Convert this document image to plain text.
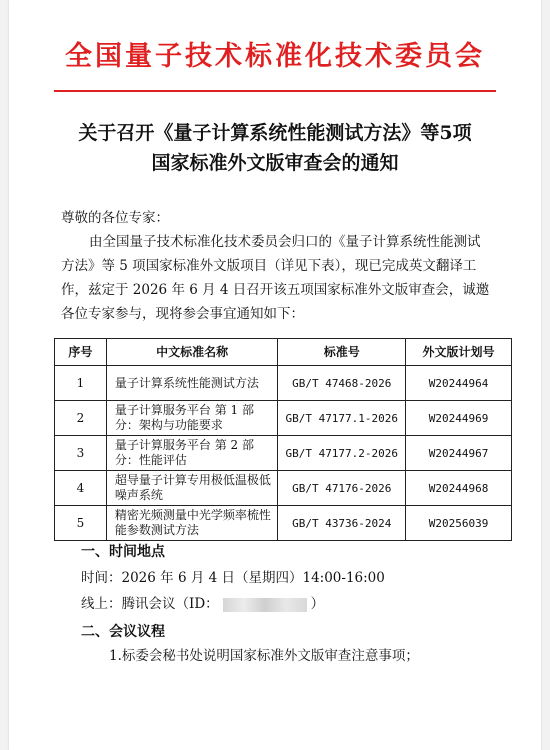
全国量子技术标准化技术委员会
关于召开《量子计算系统性能测试方法》等5项
国家标准外文版审查会的通知

尊敬的各位专家：

由全国量子技术标准化技术委员会归口的《量子计算系统性能测试方法》等 5 项国家标准外文版项目（详见下表），现已完成英文翻译工作，兹定于 2026 年 6 月 4 日召开该五项国家标准外文版审查会，诚邀各位专家参与，现将参会事宜通知如下：

序号	中文标准名称	标准号	外文版计划号
1	量子计算系统性能测试方法	GB/T 47468-2026	W20244964
2	量子计算服务平台 第 1 部分：架构与功能要求	GB/T 47177.1-2026	W20244969
3	量子计算服务平台 第 2 部分：性能评估	GB/T 47177.2-2026	W20244967
4	超导量子计算专用极低温极低噪声系统	GB/T 47176-2026	W20244968
5	精密光频测量中光学频率梳性能参数测试方法	GB/T 43736-2024	W20256039
一、时间地点
时间：2026 年 6 月 4 日（星期四）14:00-16:00
线上：腾讯会议（ID：	）
二、会议议程
1.标委会秘书处说明国家标准外文版审查注意事项；
